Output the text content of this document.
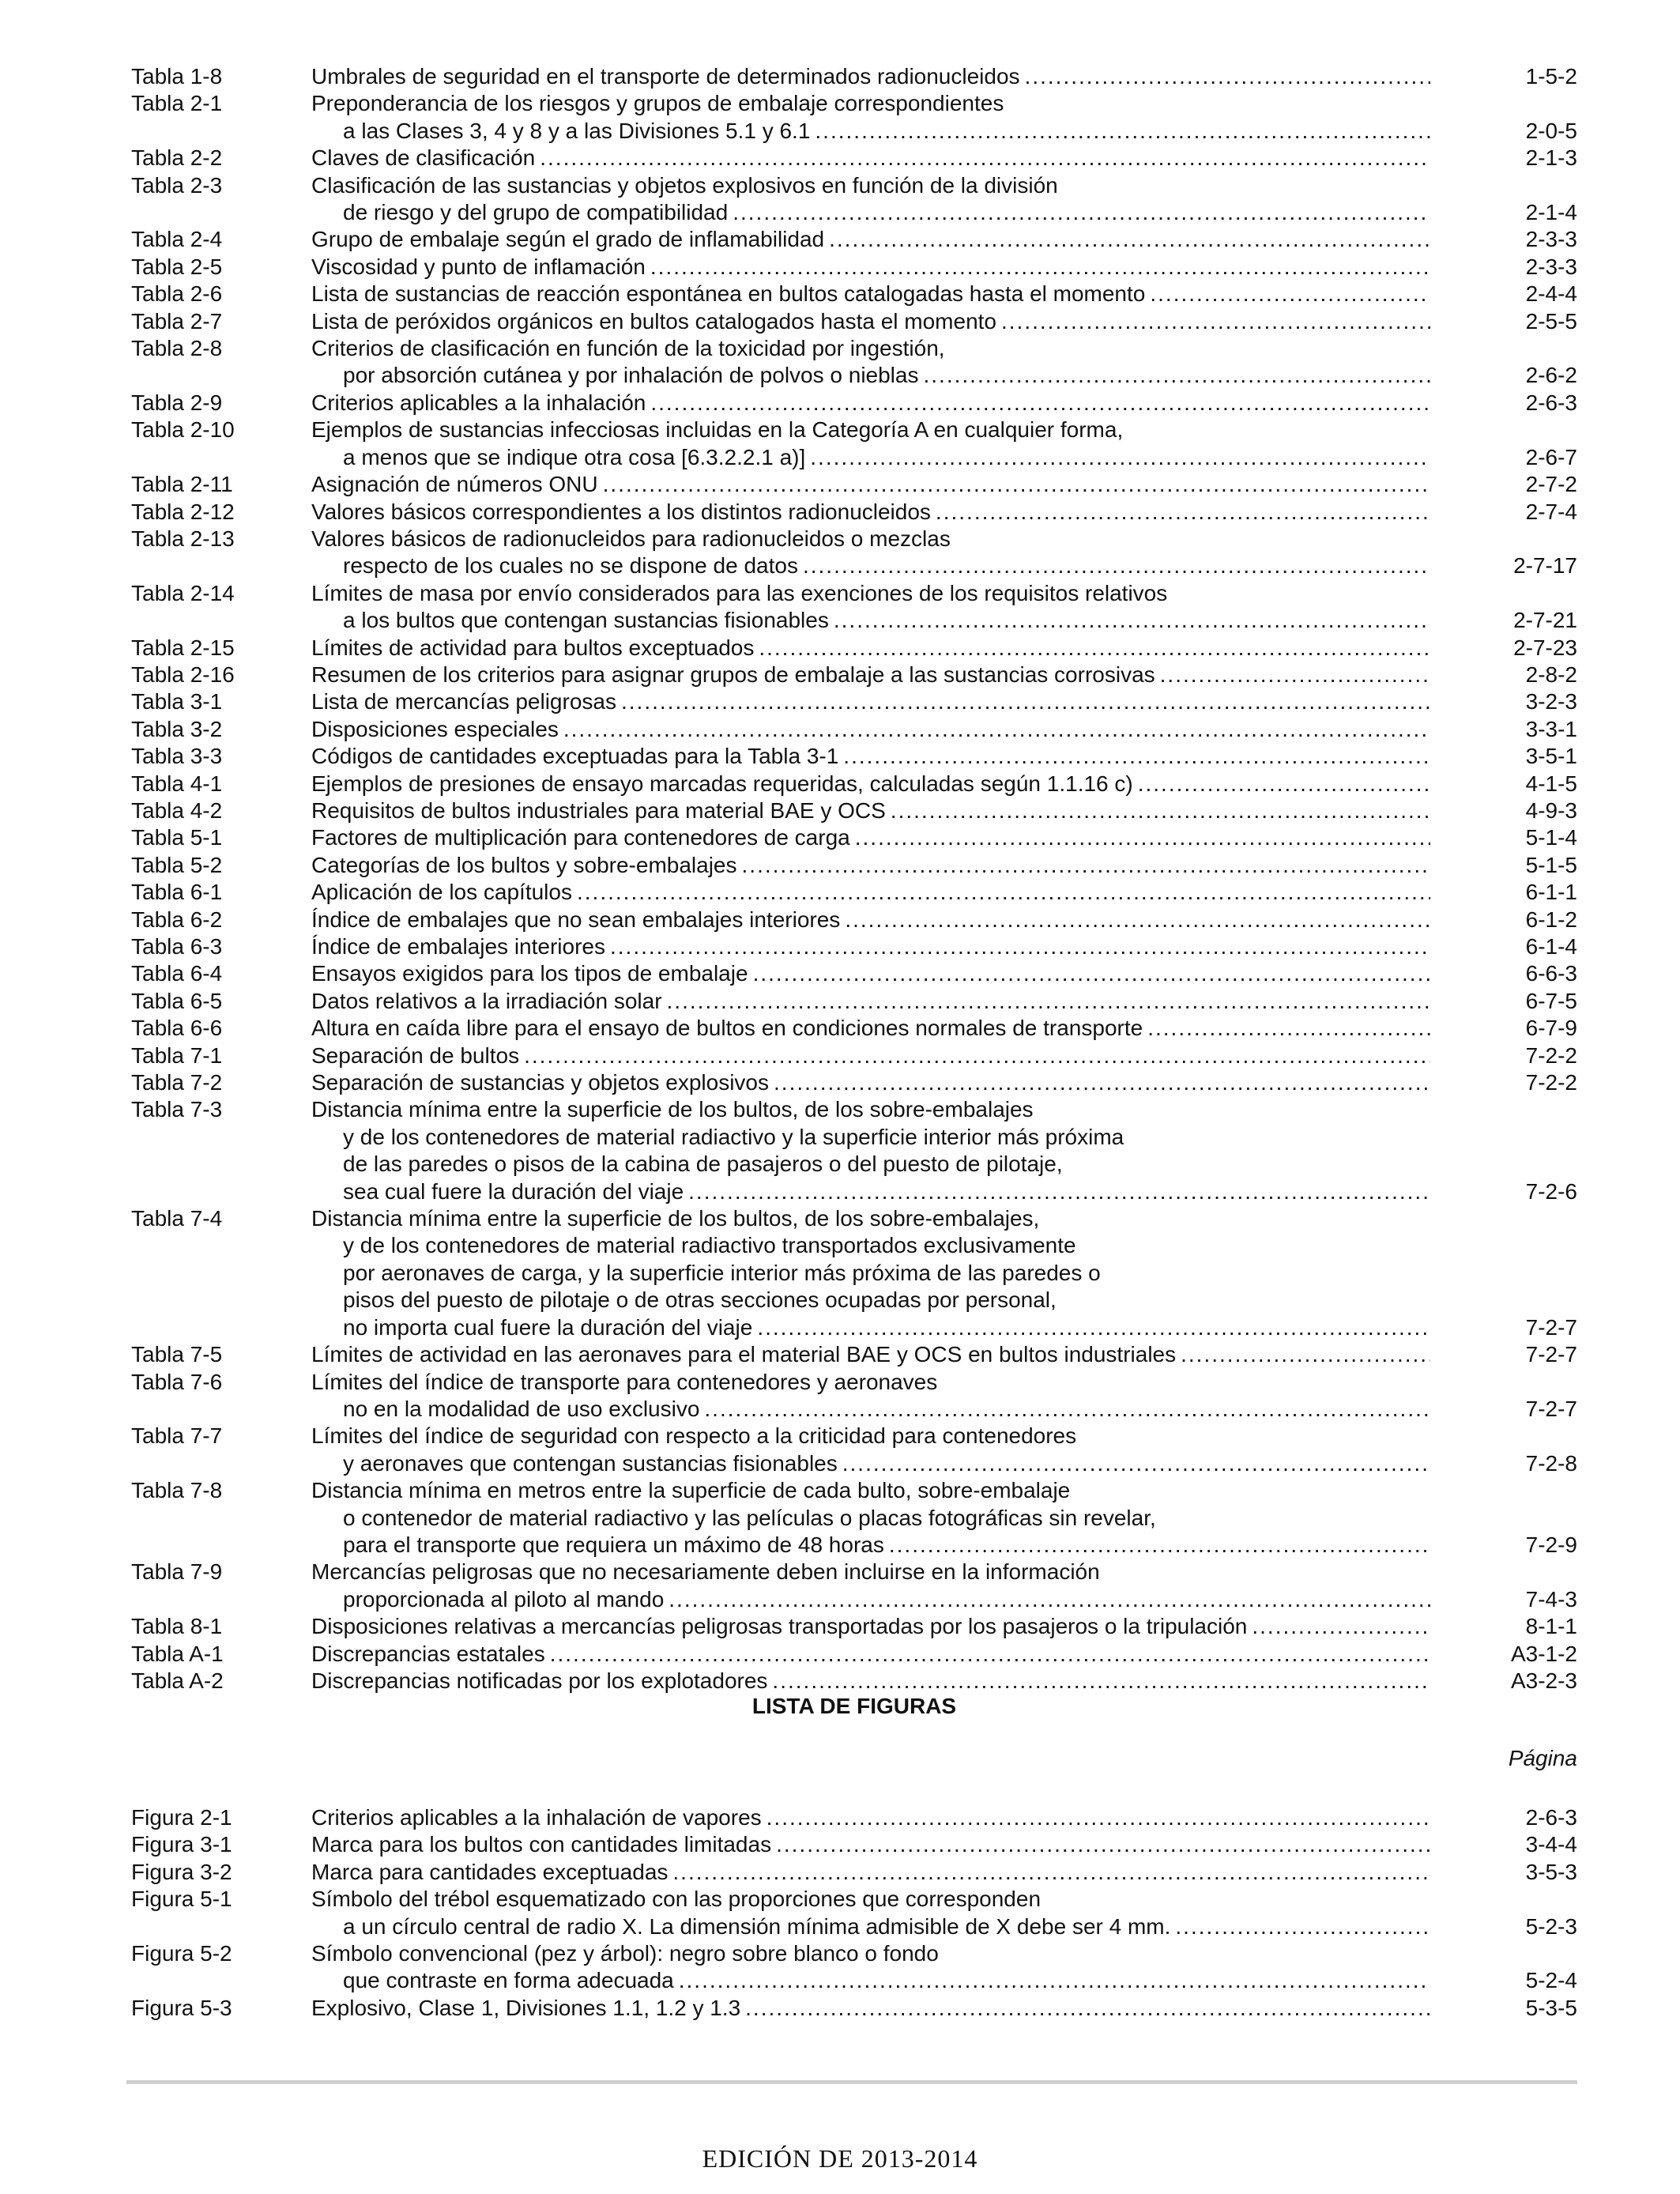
Tabla 1-8	Umbrales de seguridad en el transporte de determinados radionucleidos .....	1-5-2
Tabla 2-1	Preponderancia de los riesgos y grupos de embalaje correspondientes
a las Clases 3, 4 y 8 y a las Divisiones 5.1 y 6.1 .....	2-0-5
Tabla 2-2	Claves de clasificación .....	2-1-3
Tabla 2-3	Clasificación de las sustancias y objetos explosivos en función de la división
de riesgo y del grupo de compatibilidad .....	2-1-4
Tabla 2-4	Grupo de embalaje según el grado de inflamabilidad .....	2-3-3
Tabla 2-5	Viscosidad y punto de inflamación .....	2-3-3
Tabla 2-6	Lista de sustancias de reacción espontánea en bultos catalogadas hasta el momento .....	2-4-4
Tabla 2-7	Lista de peróxidos orgánicos en bultos catalogados hasta el momento .....	2-5-5
Tabla 2-8	Criterios de clasificación en función de la toxicidad por ingestión,
por absorción cutánea y por inhalación de polvos o nieblas .....	2-6-2
Tabla 2-9	Criterios aplicables a la inhalación .....	2-6-3
Tabla 2-10	Ejemplos de sustancias infecciosas incluidas en la Categoría A en cualquier forma,
a menos que se indique otra cosa [6.3.2.2.1 a)] .....	2-6-7
Tabla 2-11	Asignación de números ONU .....	2-7-2
Tabla 2-12	Valores básicos correspondientes a los distintos radionucleidos .....	2-7-4
Tabla 2-13	Valores básicos de radionucleidos para radionucleidos o mezclas
respecto de los cuales no se dispone de datos .....	2-7-17
Tabla 2-14	Límites de masa por envío considerados para las exenciones de los requisitos relativos
a los bultos que contengan sustancias fisionables .....	2-7-21
Tabla 2-15	Límites de actividad para bultos exceptuados .....	2-7-23
Tabla 2-16	Resumen de los criterios para asignar grupos de embalaje a las sustancias corrosivas .....	2-8-2
Tabla 3-1	Lista de mercancías peligrosas .....	3-2-3
Tabla 3-2	Disposiciones especiales .....	3-3-1
Tabla 3-3	Códigos de cantidades exceptuadas para la Tabla 3-1 .....	3-5-1
Tabla 4-1	Ejemplos de presiones de ensayo marcadas requeridas, calculadas según 1.1.16 c) .....	4-1-5
Tabla 4-2	Requisitos de bultos industriales para material BAE y OCS .....	4-9-3
Tabla 5-1	Factores de multiplicación para contenedores de carga .....	5-1-4
Tabla 5-2	Categorías de los bultos y sobre-embalajes .....	5-1-5
Tabla 6-1	Aplicación de los capítulos .....	6-1-1
Tabla 6-2	Índice de embalajes que no sean embalajes interiores .....	6-1-2
Tabla 6-3	Índice de embalajes interiores .....	6-1-4
Tabla 6-4	Ensayos exigidos para los tipos de embalaje .....	6-6-3
Tabla 6-5	Datos relativos a la irradiación solar .....	6-7-5
Tabla 6-6	Altura en caída libre para el ensayo de bultos en condiciones normales de transporte .....	6-7-9
Tabla 7-1	Separación de bultos .....	7-2-2
Tabla 7-2	Separación de sustancias y objetos explosivos .....	7-2-2
Tabla 7-3	Distancia mínima entre la superficie de los bultos, de los sobre-embalajes
y de los contenedores de material radiactivo y la superficie interior más próxima
de las paredes o pisos de la cabina de pasajeros o del puesto de pilotaje,
sea cual fuere la duración del viaje .....	7-2-6
Tabla 7-4	Distancia mínima entre la superficie de los bultos, de los sobre-embalajes,
y de los contenedores de material radiactivo transportados exclusivamente
por aeronaves de carga, y la superficie interior más próxima de las paredes o
pisos del puesto de pilotaje o de otras secciones ocupadas por personal,
no importa cual fuere la duración del viaje .....	7-2-7
Tabla 7-5	Límites de actividad en las aeronaves para el material BAE y OCS en bultos industriales .....	7-2-7
Tabla 7-6	Límites del índice de transporte para contenedores y aeronaves
no en la modalidad de uso exclusivo .....	7-2-7
Tabla 7-7	Límites del índice de seguridad con respecto a la criticidad para contenedores
y aeronaves que contengan sustancias fisionables .....	7-2-8
Tabla 7-8	Distancia mínima en metros entre la superficie de cada bulto, sobre-embalaje
o contenedor de material radiactivo y las películas o placas fotográficas sin revelar,
para el transporte que requiera un máximo de 48 horas .....	7-2-9
Tabla 7-9	Mercancías peligrosas que no necesariamente deben incluirse en la información
proporcionada al piloto al mando .....	7-4-3
Tabla 8-1	Disposiciones relativas a mercancías peligrosas transportadas por los pasajeros o la tripulación .....	8-1-1
Tabla A-1	Discrepancias estatales .....	A3-1-2
Tabla A-2	Discrepancias notificadas por los explotadores .....	A3-2-3
LISTA DE FIGURAS
Página
Figura 2-1	Criterios aplicables a la inhalación de vapores .....	2-6-3
Figura 3-1	Marca para los bultos con cantidades limitadas .....	3-4-4
Figura 3-2	Marca para cantidades exceptuadas .....	3-5-3
Figura 5-1	Símbolo del trébol esquematizado con las proporciones que corresponden
a un círculo central de radio X. La dimensión mínima admisible de X debe ser 4 mm. .....	5-2-3
Figura 5-2	Símbolo convencional (pez y árbol): negro sobre blanco o fondo
que contraste en forma adecuada .....	5-2-4
Figura 5-3	Explosivo, Clase 1, Divisiones 1.1, 1.2 y 1.3 .....	5-3-5
EDICIÓN DE 2013-2014
